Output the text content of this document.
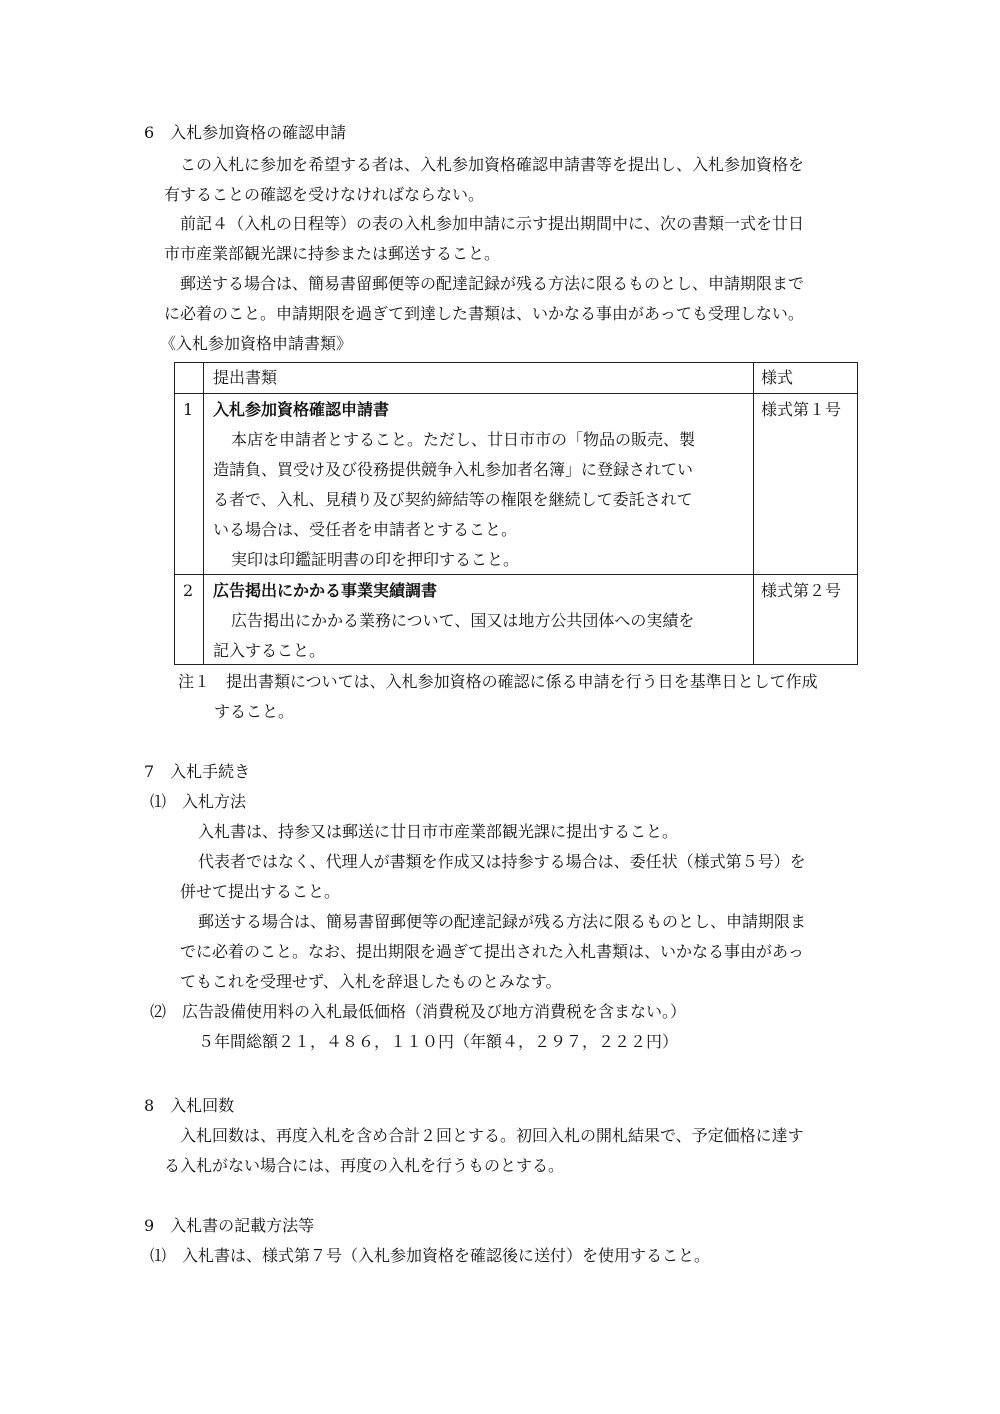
6　入札参加資格の確認申請
この入札に参加を希望する者は、入札参加資格確認申請書等を提出し、入札参加資格を
有することの確認を受けなければならない。
前記４（入札の日程等）の表の入札参加申請に示す提出期間中に、次の書類一式を廿日
市市産業部観光課に持参または郵送すること。
郵送する場合は、簡易書留郵便等の配達記録が残る方法に限るものとし、申請期限まで
に必着のこと。申請期限を過ぎて到達した書類は、いかなる事由があっても受理しない。
《入札参加資格申請書類》
提出書類	様式
1 入札参加資格確認申請書	様式第１号
本店を申請者とすること。ただし、廿日市市の「物品の販売、製
造請負、買受け及び役務提供競争入札参加者名簿」に登録されてい
る者で、入札、見積り及び契約締結等の権限を継続して委託されて
いる場合は、受任者を申請者とすること。
実印は印鑑証明書の印を押印すること。
2 広告掲出にかかる事業実績調書	様式第２号
広告掲出にかかる業務について、国又は地方公共団体への実績を
記入すること。
注１　提出書類については、入札参加資格の確認に係る申請を行う日を基準日として作成
すること。
7　入札手続き
⑴　入札方法
入札書は、持参又は郵送に廿日市市産業部観光課に提出すること。
代表者ではなく、代理人が書類を作成又は持参する場合は、委任状（様式第５号）を
併せて提出すること。
郵送する場合は、簡易書留郵便等の配達記録が残る方法に限るものとし、申請期限ま
でに必着のこと。なお、提出期限を過ぎて提出された入札書類は、いかなる事由があっ
てもこれを受理せず、入札を辞退したものとみなす。
⑵　広告設備使用料の入札最低価格（消費税及び地方消費税を含まない。）
５年間総額２１，４８６，１１０円（年額４，２９７，２２２円）
8　入札回数
入札回数は、再度入札を含め合計２回とする。初回入札の開札結果で、予定価格に達す
る入札がない場合には、再度の入札を行うものとする。
9　入札書の記載方法等
⑴　入札書は、様式第７号（入札参加資格を確認後に送付）を使用すること。
